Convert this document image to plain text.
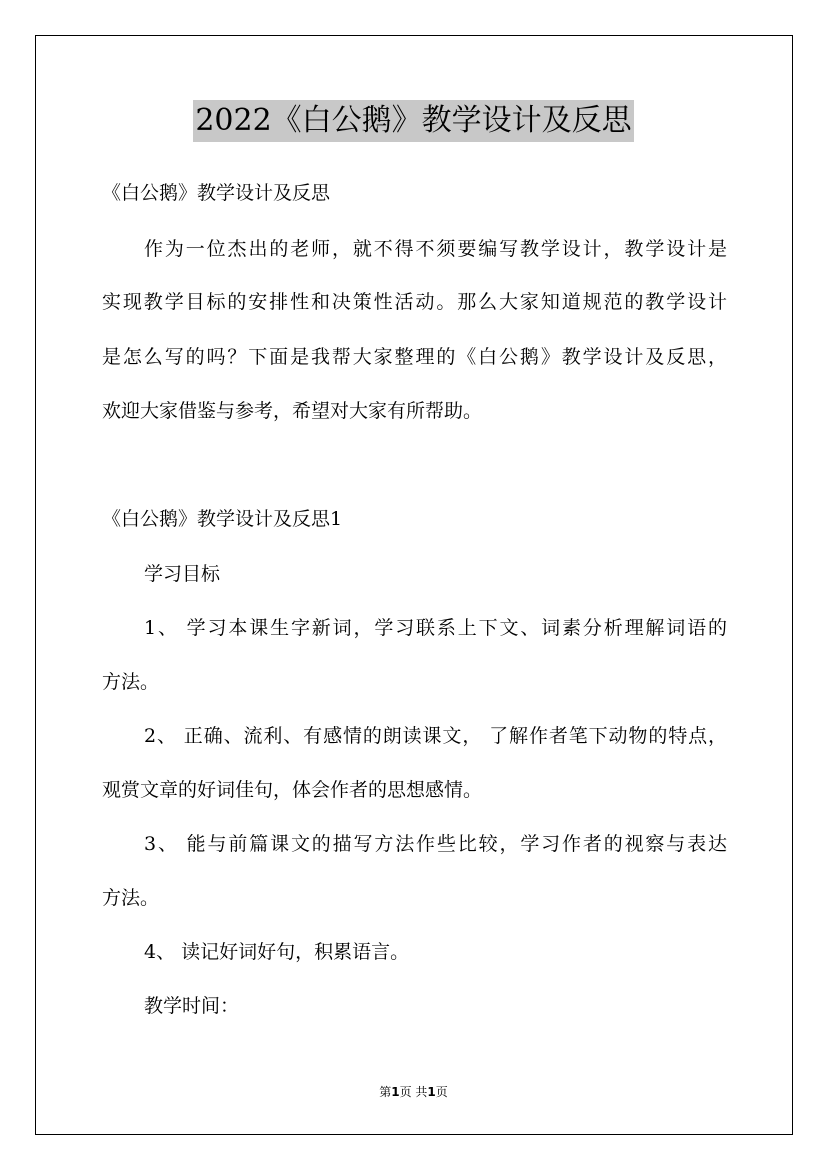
2022《白公鹅》教学设计及反思
《白公鹅》教学设计及反思
作为一位杰出的老师，就不得不须要编写教学设计，教学设计是
实现教学目标的安排性和决策性活动。那么大家知道规范的教学设计
是怎么写的吗？下面是我帮大家整理的《白公鹅》教学设计及反思，
欢迎大家借鉴与参考，希望对大家有所帮助。
《白公鹅》教学设计及反思1
学习目标
1、 学习本课生字新词，学习联系上下文、词素分析理解词语的
方法。
2、 正确、流利、有感情的朗读课文， 了解作者笔下动物的特点，
观赏文章的好词佳句，体会作者的思想感情。
3、 能与前篇课文的描写方法作些比较，学习作者的视察与表达
方法。
4、 读记好词好句，积累语言。
教学时间：
第1页 共1页
